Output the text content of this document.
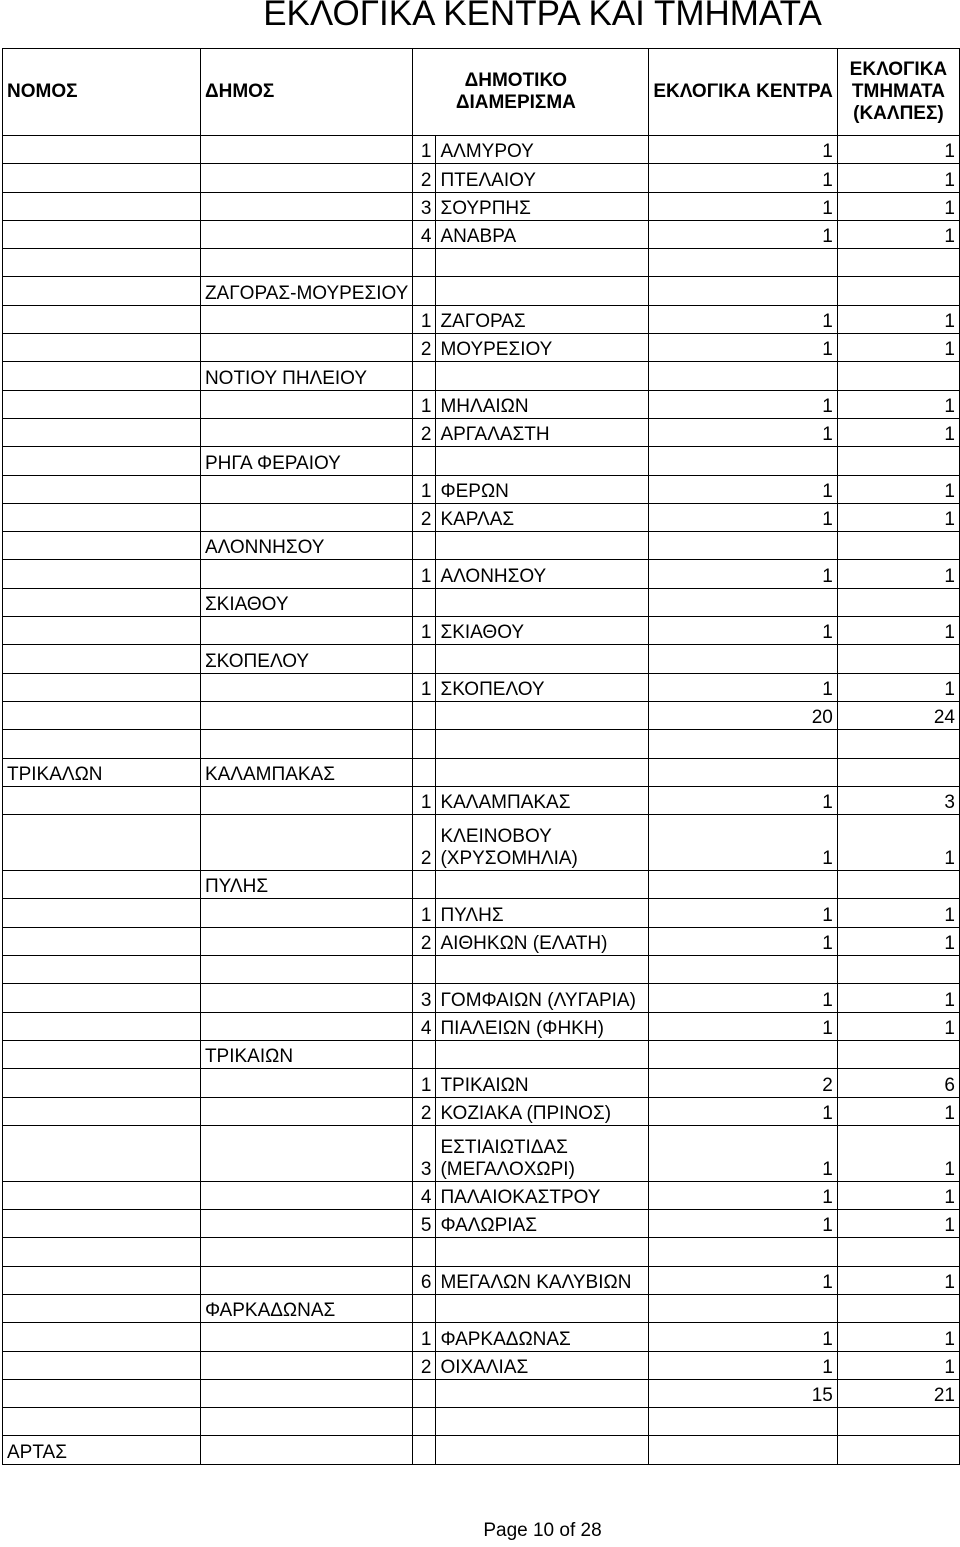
ΕΚΛΟΓΙΚΑ ΚΕΝΤΡΑ ΚΑΙ ΤΜΗΜΑΤΑ
ΝΟΜΟΣ	ΔΗΜΟΣ	ΔΗΜΟΤΙΚΟ ΔΙΑΜΕΡΙΣΜΑ		ΕΚΛΟΓΙΚΑ ΚΕΝΤΡΑ	ΕΚΛΟΓΙΚΑ ΤΜΗΜΑΤΑ (ΚΑΛΠΕΣ)
		1	ΑΛΜΥΡΟΥ	1	1
		2	ΠΤΕΛΑΙΟΥ	1	1
		3	ΣΟΥΡΠΗΣ	1	1
		4	ΑΝΑΒΡΑ	1	1

	ΖΑΓΟΡΑΣ-ΜΟΥΡΕΣΙΟΥ				
		1	ΖΑΓΟΡΑΣ	1	1
		2	ΜΟΥΡΕΣΙΟΥ	1	1
	ΝΟΤΙΟΥ ΠΗΛΕΙΟΥ				
		1	ΜΗΛΑΙΩΝ	1	1
		2	ΑΡΓΑΛΑΣΤΗ	1	1
	ΡΗΓΑ ΦΕΡΑΙΟΥ				
		1	ΦΕΡΩΝ	1	1
		2	ΚΑΡΛΑΣ	1	1
	ΑΛΟΝΝΗΣΟΥ				
		1	ΑΛΟΝΗΣΟΥ	1	1
	ΣΚΙΑΘΟΥ				
		1	ΣΚΙΑΘΟΥ	1	1
	ΣΚΟΠΕΛΟΥ				
		1	ΣΚΟΠΕΛΟΥ	1	1
				20	24

ΤΡΙΚΑΛΩΝ	ΚΑΛΑΜΠΑΚΑΣ				
		1	ΚΑΛΑΜΠΑΚΑΣ	1	3
		2	ΚΛΕΙΝΟΒΟΥ (ΧΡΥΣΟΜΗΛΙΑ)	1	1
	ΠΥΛΗΣ				
		1	ΠΥΛΗΣ	1	1
		2	ΑΙΘΗΚΩΝ (ΕΛΑΤΗ)	1	1

		3	ΓΟΜΦΑΙΩΝ (ΛΥΓΑΡΙΑ)	1	1
		4	ΠΙΑΛΕΙΩΝ (ΦΗΚΗ)	1	1
	ΤΡΙΚΑΙΩΝ				
		1	ΤΡΙΚΑΙΩΝ	2	6
		2	ΚΟΖΙΑΚΑ (ΠΡΙΝΟΣ)	1	1
		3	ΕΣΤΙΑΙΩΤΙΔΑΣ (ΜΕΓΑΛΟΧΩΡΙ)	1	1
		4	ΠΑΛΑΙΟΚΑΣΤΡΟΥ	1	1
		5	ΦΑΛΩΡΙΑΣ	1	1

		6	ΜΕΓΑΛΩΝ ΚΑΛΥΒΙΩΝ	1	1
	ΦΑΡΚΑΔΩΝΑΣ				
		1	ΦΑΡΚΑΔΩΝΑΣ	1	1
		2	ΟΙΧΑΛΙΑΣ	1	1
				15	21

ΑΡΤΑΣ					
Page 10 of 28
